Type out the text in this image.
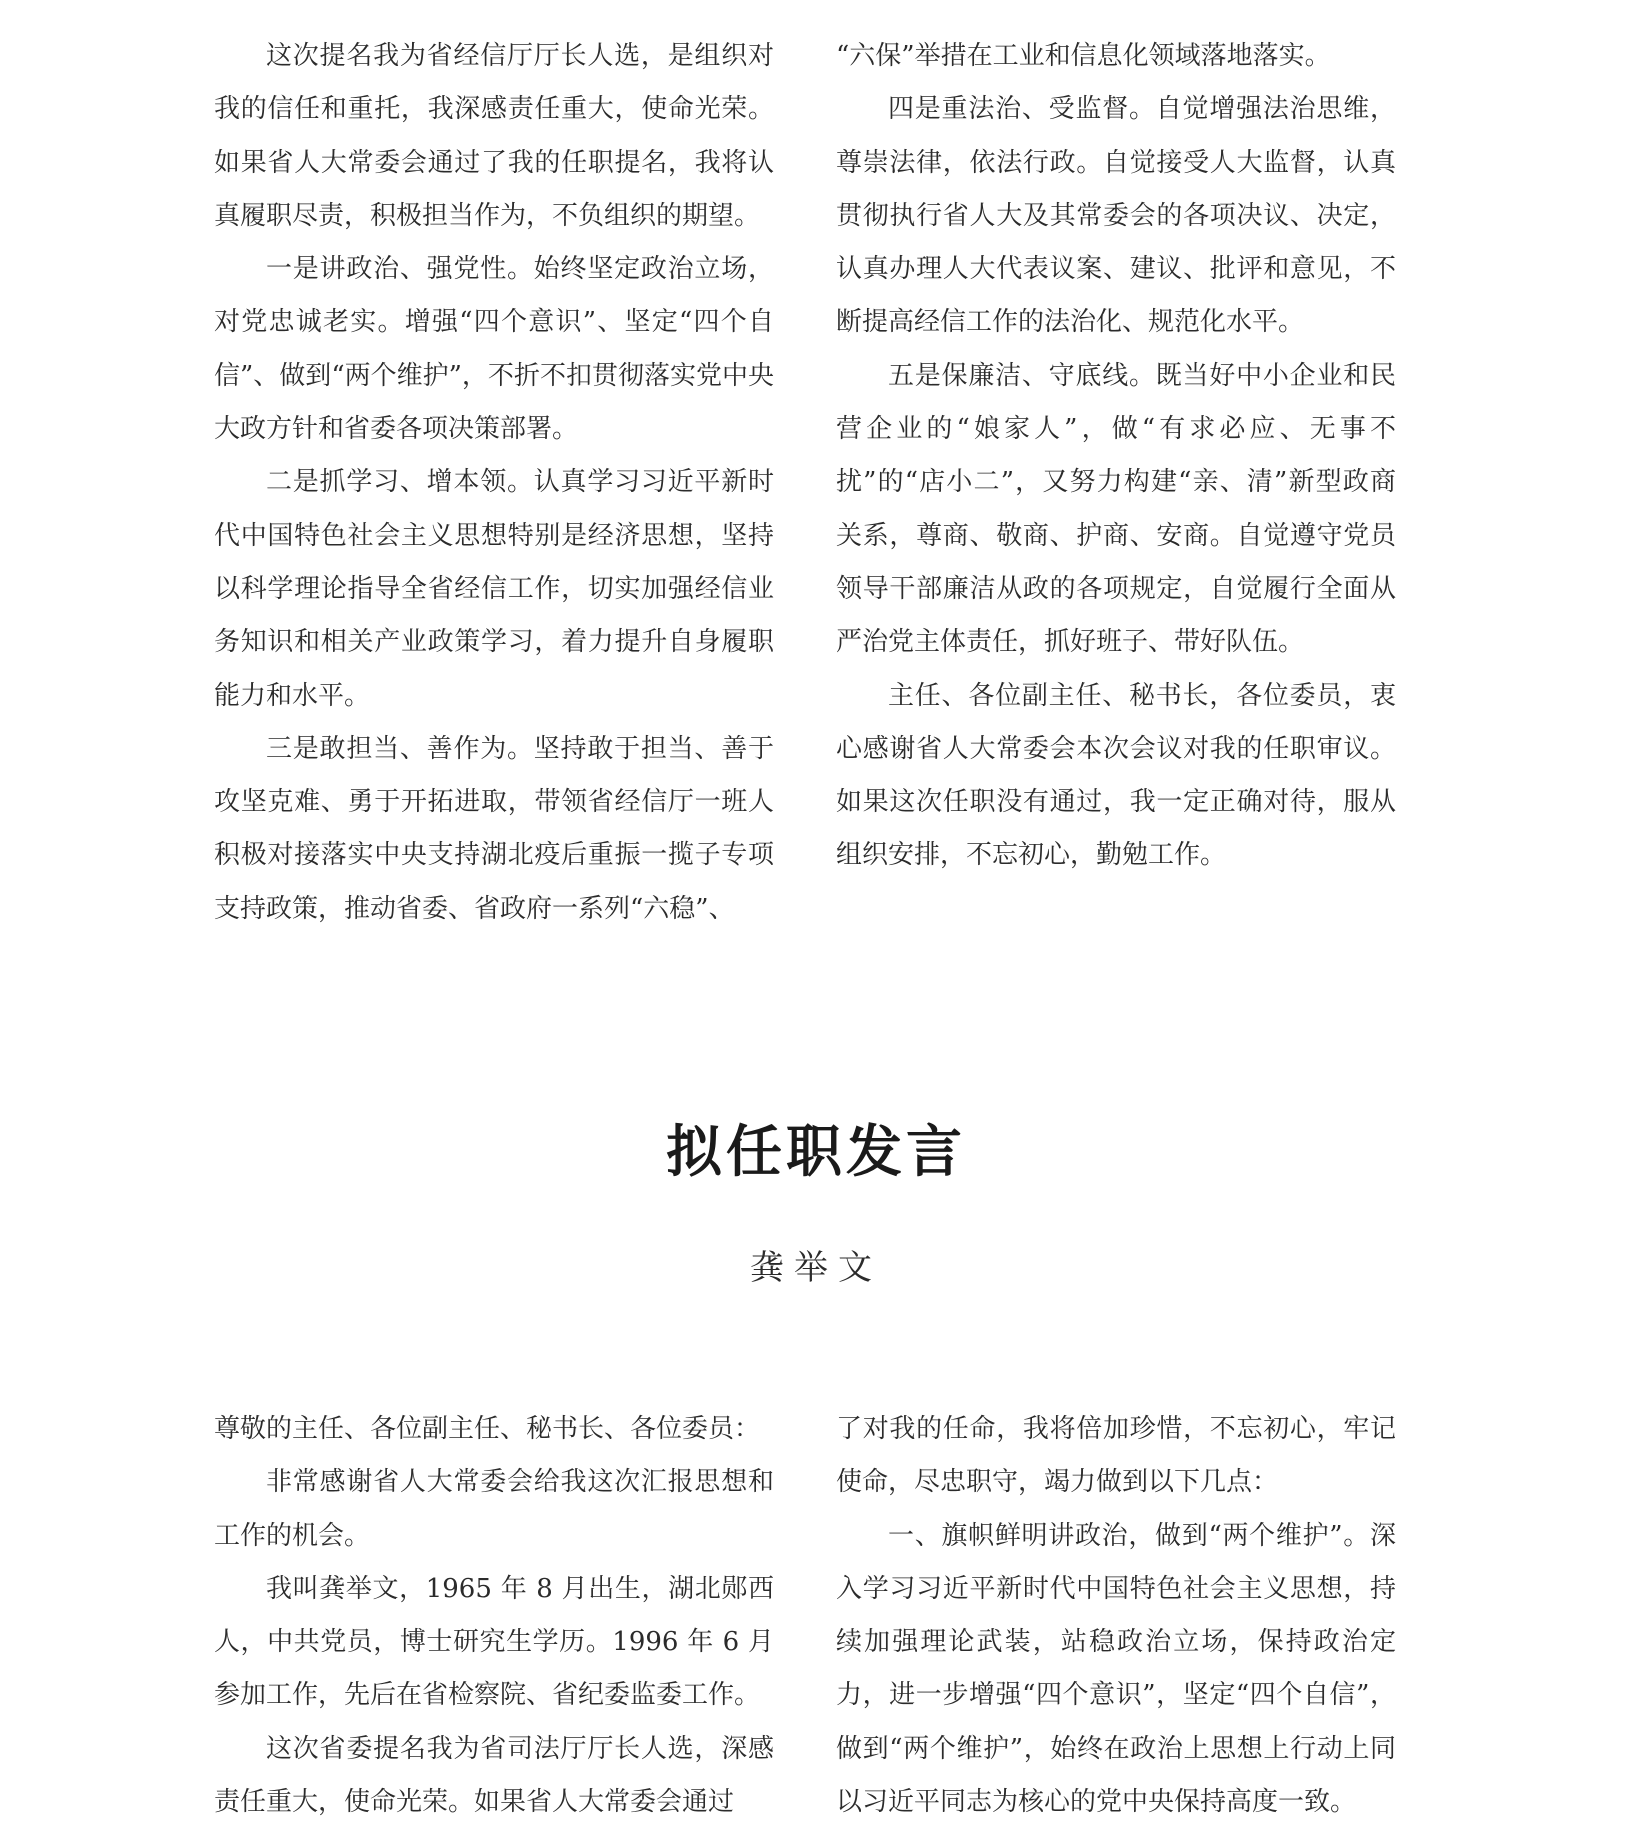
这次提名我为省经信厅厅长人选，是组织对我的信任和重托，我深感责任重大，使命光荣。如果省人大常委会通过了我的任职提名，我将认真履职尽责，积极担当作为，不负组织的期望。

一是讲政治、强党性。始终坚定政治立场，对党忠诚老实。增强“四个意识”、坚定“四个自信”、做到“两个维护”，不折不扣贯彻落实党中央大政方针和省委各项决策部署。

二是抓学习、增本领。认真学习习近平新时代中国特色社会主义思想特别是经济思想，坚持以科学理论指导全省经信工作，切实加强经信业务知识和相关产业政策学习，着力提升自身履职能力和水平。

三是敢担当、善作为。坚持敢于担当、善于攻坚克难、勇于开拓进取，带领省经信厅一班人积极对接落实中央支持湖北疫后重振一揽子专项支持政策，推动省委、省政府一系列“六稳”、

“六保”举措在工业和信息化领域落地落实。

四是重法治、受监督。自觉增强法治思维，尊崇法律，依法行政。自觉接受人大监督，认真贯彻执行省人大及其常委会的各项决议、决定，认真办理人大代表议案、建议、批评和意见，不断提高经信工作的法治化、规范化水平。

五是保廉洁、守底线。既当好中小企业和民营企业的“娘家人”，做“有求必应、无事不扰”的“店小二”，又努力构建“亲、清”新型政商关系，尊商、敬商、护商、安商。自觉遵守党员领导干部廉洁从政的各项规定，自觉履行全面从严治党主体责任，抓好班子、带好队伍。

主任、各位副主任、秘书长，各位委员，衷心感谢省人大常委会本次会议对我的任职审议。如果这次任职没有通过，我一定正确对待，服从组织安排，不忘初心，勤勉工作。

拟任职发言
龚举文

尊敬的主任、各位副主任、秘书长、各位委员：

非常感谢省人大常委会给我这次汇报思想和工作的机会。

我叫龚举文，1965 年 8 月出生，湖北郧西人，中共党员，博士研究生学历。1996 年 6 月参加工作，先后在省检察院、省纪委监委工作。

这次省委提名我为省司法厅厅长人选，深感责任重大，使命光荣。如果省人大常委会通过

了对我的任命，我将倍加珍惜，不忘初心，牢记使命，尽忠职守，竭力做到以下几点：

一、旗帜鲜明讲政治，做到“两个维护”。深入学习习近平新时代中国特色社会主义思想，持续加强理论武装，站稳政治立场，保持政治定力，进一步增强“四个意识”，坚定“四个自信”，做到“两个维护”，始终在政治上思想上行动上同以习近平同志为核心的党中央保持高度一致。
